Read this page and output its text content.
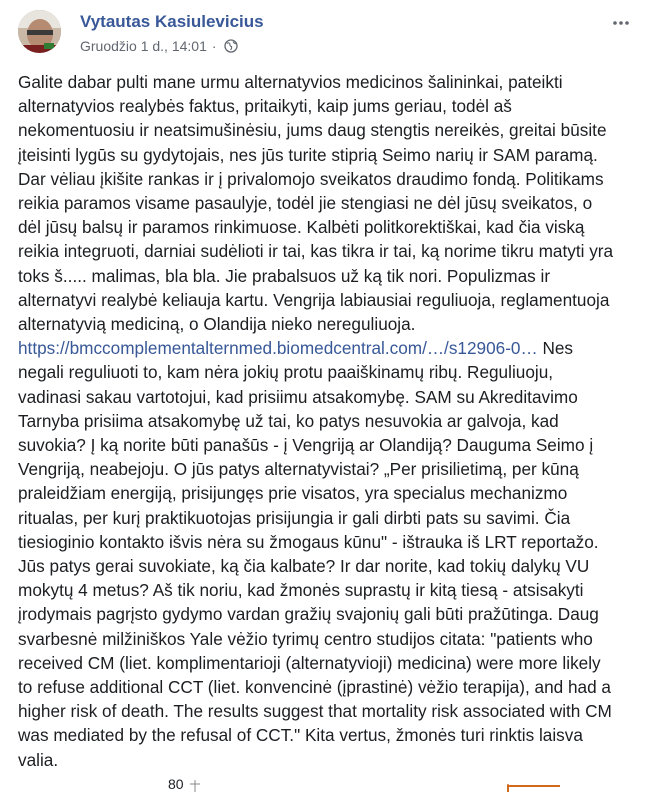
Vytautas Kasiulevicius
Gruodžio 1 d., 14:01 ·
Galite dabar pulti mane urmu alternatyvios medicinos šalininkai, pateikti
alternatyvios realybės faktus, pritaikyti, kaip jums geriau, todėl aš
nekomentuosiu ir neatsimušinėsiu, jums daug stengtis nereikės, greitai būsite
įteisinti lygūs su gydytojais, nes jūs turite stiprią Seimo narių ir SAM paramą.
Dar vėliau įkišite rankas ir į privalomojo sveikatos draudimo fondą. Politikams
reikia paramos visame pasaulyje, todėl jie stengiasi ne dėl jūsų sveikatos, o
dėl jūsų balsų ir paramos rinkimuose. Kalbėti politkorektiškai, kad čia viską
reikia integruoti, darniai sudėlioti ir tai, kas tikra ir tai, ką norime tikru matyti yra
toks š..... malimas, bla bla. Jie prabalsuos už ką tik nori. Populizmas ir
alternatyvi realybė keliauja kartu. Vengrija labiausiai reguliuoja, reglamentuoja
alternatyvią mediciną, o Olandija nieko nereguliuoja.
https://bmccomplementalternmed.biomedcentral.com/…/s12906-0… Nes
negali reguliuoti to, kam nėra jokių protu paaiškinamų ribų. Reguliuoju,
vadinasi sakau vartotojui, kad prisiimu atsakomybę. SAM su Akreditavimo
Tarnyba prisiima atsakomybę už tai, ko patys nesuvokia ar galvoja, kad
suvokia? Į ką norite būti panašūs - į Vengriją ar Olandiją? Dauguma Seimo į
Vengriją, neabejoju. O jūs patys alternatyvistai? „Per prisilietimą, per kūną
praleidžiam energiją, prisijungęs prie visatos, yra specialus mechanizmo
ritualas, per kurį praktikuotojas prisijungia ir gali dirbti pats su savimi. Čia
tiesioginio kontakto išvis nėra su žmogaus kūnu" - ištrauka iš LRT reportažo.
Jūs patys gerai suvokiate, ką čia kalbate? Ir dar norite, kad tokių dalykų VU
mokytų 4 metus? Aš tik noriu, kad žmonės suprastų ir kitą tiesą - atsisakyti
įrodymais pagrįsto gydymo vardan gražių svajonių gali būti pražūtinga. Daug
svarbesnė milžiniškos Yale vėžio tyrimų centro studijos citata: "patients who
received CM (liet. komplimentarioji (alternatyvioji) medicina) were more likely
to refuse additional CCT (liet. konvencinė (įprastinė) vėžio terapija), and had a
higher risk of death. The results suggest that mortality risk associated with CM
was mediated by the refusal of CCT." Kita vertus, žmonės turi rinktis laisva
valia.
80
